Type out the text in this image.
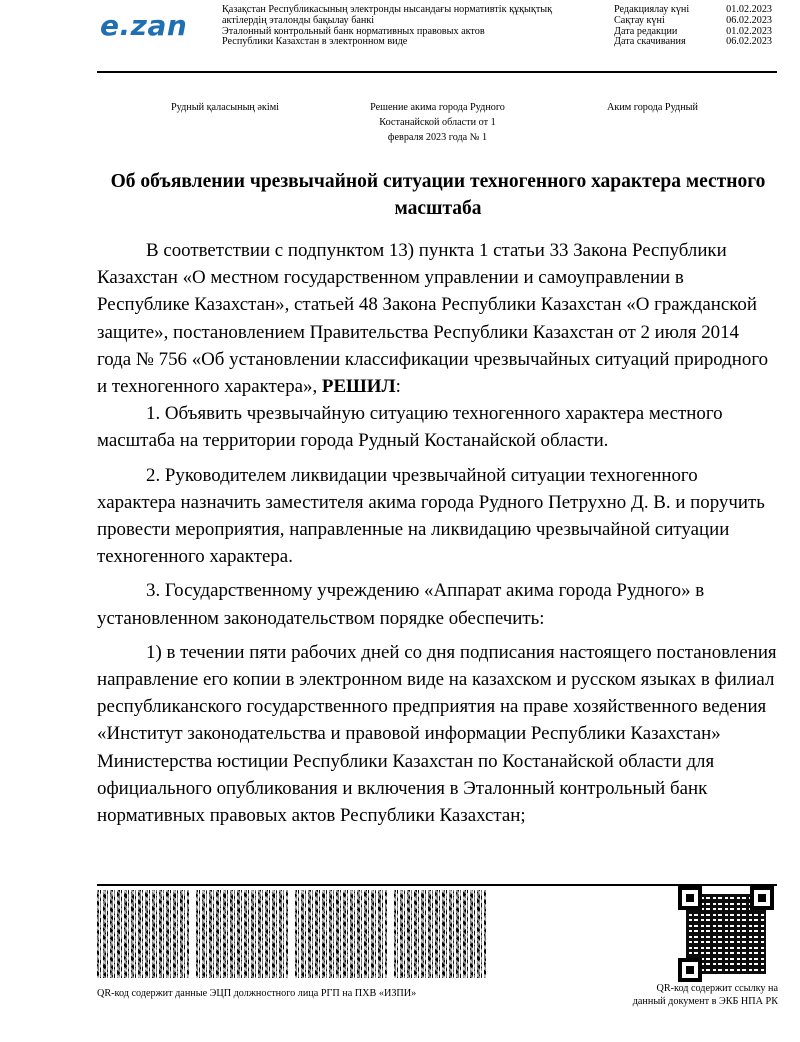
e.zan	Қазақстан Республикасының электронды нысандағы нормативтік құқықтық
актілердің эталонды бақылау банкі
Эталонный контрольный банк нормативных правовых актов
Республики Казахстан в электронном виде
Редакциялау күні	01.02.2023
Сақтау күні	06.02.2023
Дата редакции	01.02.2023
Дата скачивания	06.02.2023
Рудный қаласының әкімі	Решение акима города Рудного
Костанайской области от 1
февраля 2023 года № 1
Аким города Рудный
Об объявлении чрезвычайной ситуации техногенного характера местного масштаба

В соответствии с подпунктом 13) пункта 1 статьи 33 Закона Республики Казахстан «О местном государственном управлении и самоуправлении в Республике Казахстан», статьей 48 Закона Республики Казахстан «О гражданской защите», постановлением Правительства Республики Казахстан от 2 июля 2014 года № 756 «Об установлении классификации чрезвычайных ситуаций природного и техногенного характера», РЕШИЛ:

1. Объявить чрезвычайную ситуацию техногенного характера местного масштаба на территории города Рудный Костанайской области.

2. Руководителем ликвидации чрезвычайной ситуации техногенного характера назначить заместителя акима города Рудного Петрухно Д. В. и поручить провести мероприятия, направленные на ликвидацию чрезвычайной ситуации техногенного характера.

3. Государственному учреждению «Аппарат акима города Рудного» в установленном законодательством порядке обеспечить:

1) в течении пяти рабочих дней со дня подписания настоящего постановления направление его копии в электронном виде на казахском и русском языках в филиал республиканского государственного предприятия на праве хозяйственного ведения «Институт законодательства и правовой информации Республики Казахстан» Министерства юстиции Республики Казахстан по Костанайской области для официального опубликования и включения в Эталонный контрольный банк нормативных правовых актов Республики Казахстан;

QR-код содержит данные ЭЦП должностного лица РГП на ПХВ «ИЗПИ»	QR-код содержит ссылку на
данный документ в ЭКБ НПА РК
